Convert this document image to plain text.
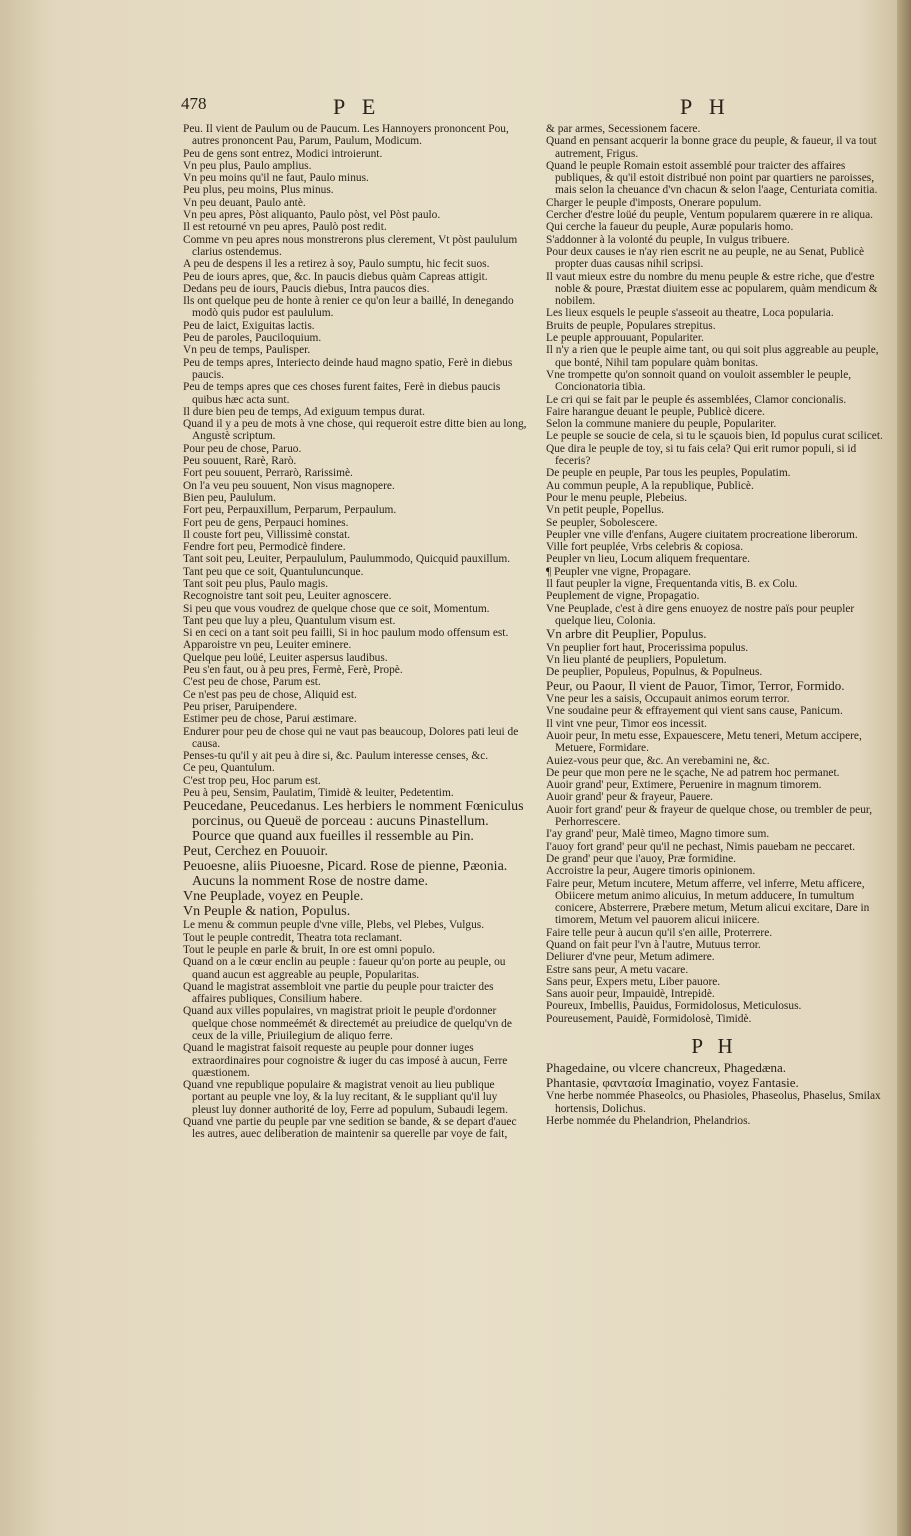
478	P E	P H

Peu. Il vient de Paulum ou de Paucum. Les Hannoyers prononcent Pou, autres prononcent Pau, Parum, Paulum, Modicum.

Peu de gens sont entrez, Modici introierunt.

Vn peu plus, Paulo amplius.

Vn peu moins qu'il ne faut, Paulo minus.

Peu plus, peu moins, Plus minus.

Vn peu deuant, Paulo antè.

Vn peu apres, Pòst aliquanto, Paulo pòst, vel Pòst paulo.

Il est retourné vn peu apres, Paulò post redit.

Comme vn peu apres nous monstrerons plus clerement, Vt pòst paululum clarius ostendemus.

A peu de despens il les a retirez à soy, Paulo sumptu, hic fecit suos.

Peu de iours apres, que, &c. In paucis diebus quàm Capreas attigit.

Dedans peu de iours, Paucis diebus, Intra paucos dies.

Ils ont quelque peu de honte à renier ce qu'on leur a baillé, In denegando modò quis pudor est paululum.

Peu de laict, Exiguitas lactis.

Peu de paroles, Pauciloquium.

Vn peu de temps, Paulisper.

Peu de temps apres, Interiecto deinde haud magno spatio, Ferè in diebus paucis.

Peu de temps apres que ces choses furent faites, Ferè in diebus paucis quibus hæc acta sunt.

Il dure bien peu de temps, Ad exiguum tempus durat.

Quand il y a peu de mots à vne chose, qui requeroit estre ditte bien au long, Angustè scriptum.

Pour peu de chose, Paruo.

Peu souuent, Rarè, Rarò.

Fort peu souuent, Perrarò, Rarissimè.

On l'a veu peu souuent, Non visus magnopere.

Bien peu, Paululum.

Fort peu, Perpauxillum, Perparum, Perpaulum.

Fort peu de gens, Perpauci homines.

Il couste fort peu, Villissimè constat.

Fendre fort peu, Permodicè findere.

Tant soit peu, Leuiter, Perpaululum, Paulummodo, Quicquid pauxillum.

Tant peu que ce soit, Quantuluncunque.

Tant soit peu plus, Paulo magis.

Recognoistre tant soit peu, Leuiter agnoscere.

Si peu que vous voudrez de quelque chose que ce soit, Momentum.

Tant peu que luy a pleu, Quantulum visum est.

Si en ceci on a tant soit peu failli, Si in hoc paulum modo offensum est.

Apparoistre vn peu, Leuiter eminere.

Quelque peu loüé, Leuiter aspersus laudibus.

Peu s'en faut, ou à peu pres, Fermè, Ferè, Propè.

C'est peu de chose, Parum est.

Ce n'est pas peu de chose, Aliquid est.

Peu priser, Paruipendere.

Estimer peu de chose, Parui æstimare.

Endurer pour peu de chose qui ne vaut pas beaucoup, Dolores pati leui de causa.

Penses-tu qu'il y ait peu à dire si, &c. Paulum interesse censes, &c.

Ce peu, Quantulum.

C'est trop peu, Hoc parum est.

Peu à peu, Sensim, Paulatim, Timidè & leuiter, Pedetentim.

Peucedane, Peucedanus. Les herbiers le nomment Fœniculus porcinus, ou Queuë de porceau : aucuns Pinastellum. Pource que quand aux fueilles il ressemble au Pin.

Peut, Cerchez en Pouuoir.

Peuoesne, aliis Piuoesne, Picard. Rose de pienne, Pæonia. Aucuns la nomment Rose de nostre dame.

Vne Peuplade, voyez en Peuple.

Vn Peuple & nation, Populus.

Le menu & commun peuple d'vne ville, Plebs, vel Plebes, Vulgus.

Tout le peuple contredit, Theatra tota reclamant.

Tout le peuple en parle & bruit, In ore est omni populo.

Quand on a le cœur enclin au peuple : faueur qu'on porte au peuple, ou quand aucun est aggreable au peuple, Popularitas.

Quand le magistrat assembloit vne partie du peuple pour traicter des affaires publiques, Consilium habere.

Quand aux villes populaires, vn magistrat prioit le peuple d'ordonner quelque chose nommeémét & directemét au preiudice de quelqu'vn de ceux de la ville, Priuilegium de aliquo ferre.

Quand le magistrat faisoit requeste au peuple pour donner iuges extraordinaires pour cognoistre & iuger du cas imposé à aucun, Ferre quæstionem.

Quand vne republique populaire & magistrat venoit au lieu publique portant au peuple vne loy, & la luy recitant, & le suppliant qu'il luy pleust luy donner authorité de loy, Ferre ad populum, Subaudi legem.

Quand vne partie du peuple par vne sedition se bande, & se depart d'auec les autres, auec deliberation de maintenir sa querelle par voye de fait,

& par armes, Secessionem facere.

Quand en pensant acquerir la bonne grace du peuple, & faueur, il va tout autrement, Frigus.

Quand le peuple Romain estoit assemblé pour traicter des affaires publiques, & qu'il estoit distribué non point par quartiers ne paroisses, mais selon la cheuance d'vn chacun & selon l'aage, Centuriata comitia.

Charger le peuple d'imposts, Onerare populum.

Cercher d'estre loüé du peuple, Ventum popularem quærere in re aliqua.

Qui cerche la faueur du peuple, Auræ popularis homo.

S'addonner à la volonté du peuple, In vulgus tribuere.

Pour deux causes ie n'ay rien escrit ne au peuple, ne au Senat, Publicè propter duas causas nihil scripsi.

Il vaut mieux estre du nombre du menu peuple & estre riche, que d'estre noble & poure, Præstat diuitem esse ac popularem, quàm mendicum & nobilem.

Les lieux esquels le peuple s'asseoit au theatre, Loca popularia.

Bruits de peuple, Populares strepitus.

Le peuple approuuant, Populariter.

Il n'y a rien que le peuple aime tant, ou qui soit plus aggreable au peuple, que bonté, Nihil tam populare quàm bonitas.

Vne trompette qu'on sonnoit quand on vouloit assembler le peuple, Concionatoria tibia.

Le cri qui se fait par le peuple és assemblées, Clamor concionalis.

Faire harangue deuant le peuple, Publicè dicere.

Selon la commune maniere du peuple, Populariter.

Le peuple se soucie de cela, si tu le sçauois bien, Id populus curat scilicet.

Que dira le peuple de toy, si tu fais cela? Qui erit rumor populi, si id feceris?

De peuple en peuple, Par tous les peuples, Populatim.

Au commun peuple, A la republique, Publicè.

Pour le menu peuple, Plebeius.

Vn petit peuple, Popellus.

Se peupler, Sobolescere.

Peupler vne ville d'enfans, Augere ciuitatem procreatione liberorum.

Ville fort peuplée, Vrbs celebris & copiosa.

Peupler vn lieu, Locum aliquem frequentare.

¶ Peupler vne vigne, Propagare.

Il faut peupler la vigne, Frequentanda vitis, B. ex Colu.

Peuplement de vigne, Propagatio.

Vne Peuplade, c'est à dire gens enuoyez de nostre païs pour peupler quelque lieu, Colonia.

Vn arbre dit Peuplier, Populus.

Vn peuplier fort haut, Procerissima populus.

Vn lieu planté de peupliers, Populetum.

De peuplier, Populeus, Populnus, & Populneus.

Peur, ou Paour, Il vient de Pauor, Timor, Terror, Formido.

Vne peur les a saisis, Occupauit animos eorum terror.

Vne soudaine peur & effrayement qui vient sans cause, Panicum.

Il vint vne peur, Timor eos incessit.

Auoir peur, In metu esse, Expauescere, Metu teneri, Metum accipere, Metuere, Formidare.

Auiez-vous peur que, &c. An verebamini ne, &c.

De peur que mon pere ne le sçache, Ne ad patrem hoc permanet.

Auoir grand' peur, Extimere, Peruenire in magnum timorem.

Auoir grand' peur & frayeur, Pauere.

Auoir fort grand' peur & frayeur de quelque chose, ou trembler de peur, Perhorrescere.

I'ay grand' peur, Malè timeo, Magno timore sum.

I'auoy fort grand' peur qu'il ne pechast, Nimis pauebam ne peccaret.

De grand' peur que i'auoy, Præ formidine.

Accroistre la peur, Augere timoris opinionem.

Faire peur, Metum incutere, Metum afferre, vel inferre, Metu afficere, Obiicere metum animo alicuius, In metum adducere, In tumultum conicere, Absterrere, Præbere metum, Metum alicui excitare, Dare in timorem, Metum vel pauorem alicui iniicere.

Faire telle peur à aucun qu'il s'en aille, Proterrere.

Quand on fait peur l'vn à l'autre, Mutuus terror.

Deliurer d'vne peur, Metum adimere.

Estre sans peur, A metu vacare.

Sans peur, Expers metu, Liber pauore.

Sans auoir peur, Impauidè, Intrepidè.

Poureux, Imbellis, Pauidus, Formidolosus, Meticulosus.

Poureusement, Pauidè, Formidolosè, Timidè.

P H

Phagedaine, ou vlcere chancreux, Phagedæna.

Phantasie, φαντασία Imaginatio, voyez Fantasie.

Vne herbe nommée Phaseolcs, ou Phasioles, Phaseolus, Phaselus, Smilax hortensis, Dolichus.

Herbe nommée du Phelandrion, Phelandrios.
